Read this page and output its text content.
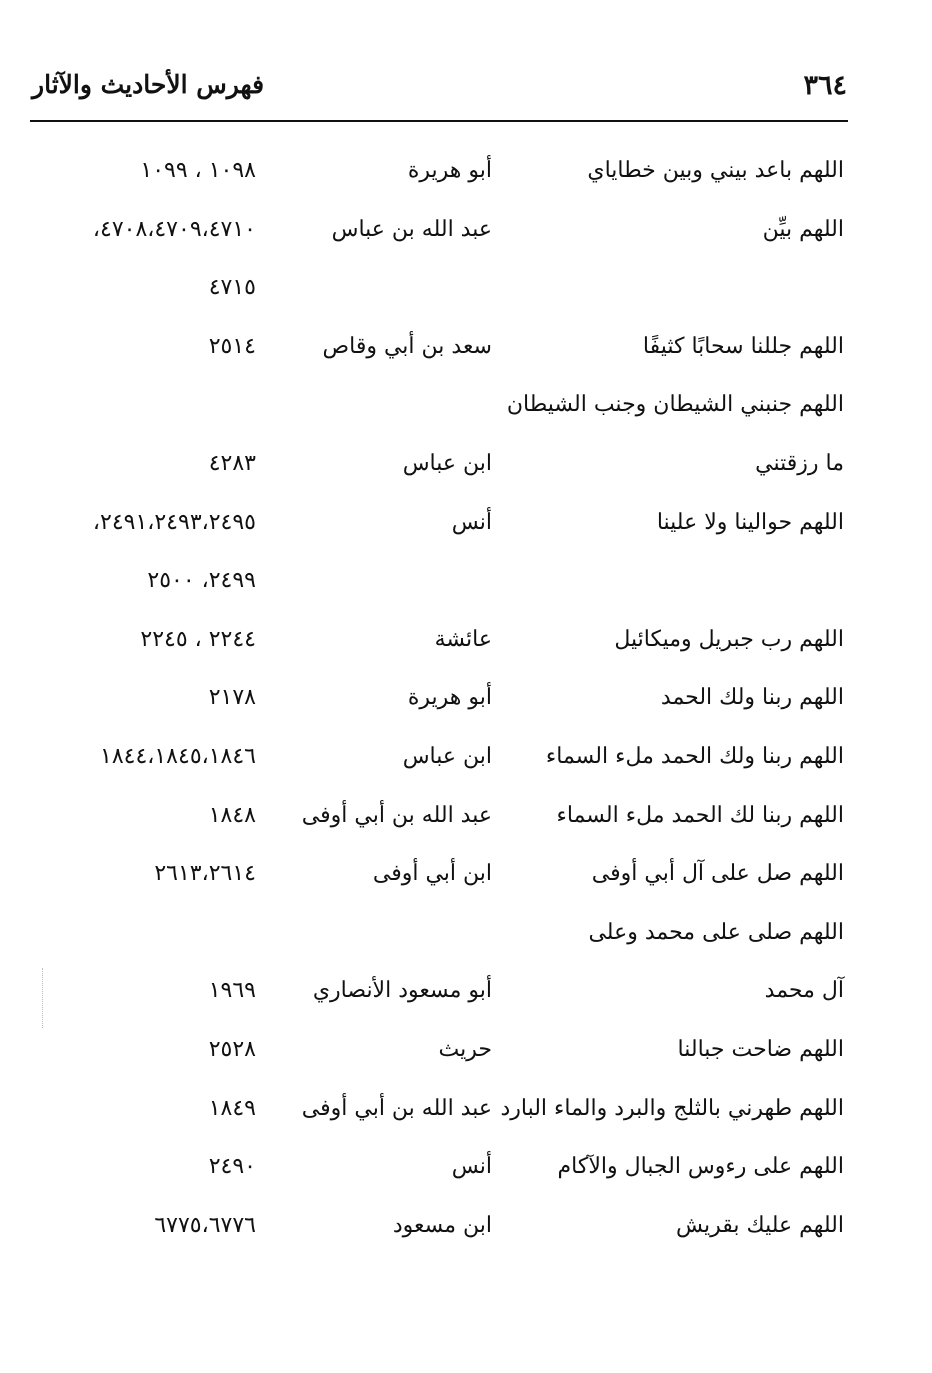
٣٦٤
فهرس الأحاديث والآثار
اللهم باعد بيني وبين خطاياي
أبو هريرة
١٠٩٨ ، ١٠٩٩
اللهم بيِّن
عبد الله بن عباس
٤٧٠٨،٤٧٠٩،٤٧١٠،
٤٧١٥
اللهم جللنا سحابًا كثيفًا
سعد بن أبي وقاص
٢٥١٤
اللهم جنبني الشيطان وجنب الشيطان
ما رزقتني
ابن عباس
٤٢٨٣
اللهم حوالينا ولا علينا
أنس
٢٤٩١،٢٤٩٣،٢٤٩٥،
٢٤٩٩، ٢٥٠٠
اللهم رب جبريل وميكائيل
عائشة
٢٢٤٤ ، ٢٢٤٥
اللهم ربنا ولك الحمد
أبو هريرة
٢١٧٨
اللهم ربنا ولك الحمد ملء السماء
ابن عباس
١٨٤٤،١٨٤٥،١٨٤٦
اللهم ربنا لك الحمد ملء السماء
عبد الله بن أبي أوفى
١٨٤٨
اللهم صل على آل أبي أوفى
ابن أبي أوفى
٢٦١٣،٢٦١٤
اللهم صلى على محمد وعلى
آل محمد
أبو مسعود الأنصاري
١٩٦٩
اللهم ضاحت جبالنا
حريث
٢٥٢٨
اللهم طهرني بالثلج والبرد والماء البارد
عبد الله بن أبي أوفى
١٨٤٩
اللهم على رءوس الجبال والآكام
أنس
٢٤٩٠
اللهم عليك بقريش
ابن مسعود
٦٧٧٥،٦٧٧٦
